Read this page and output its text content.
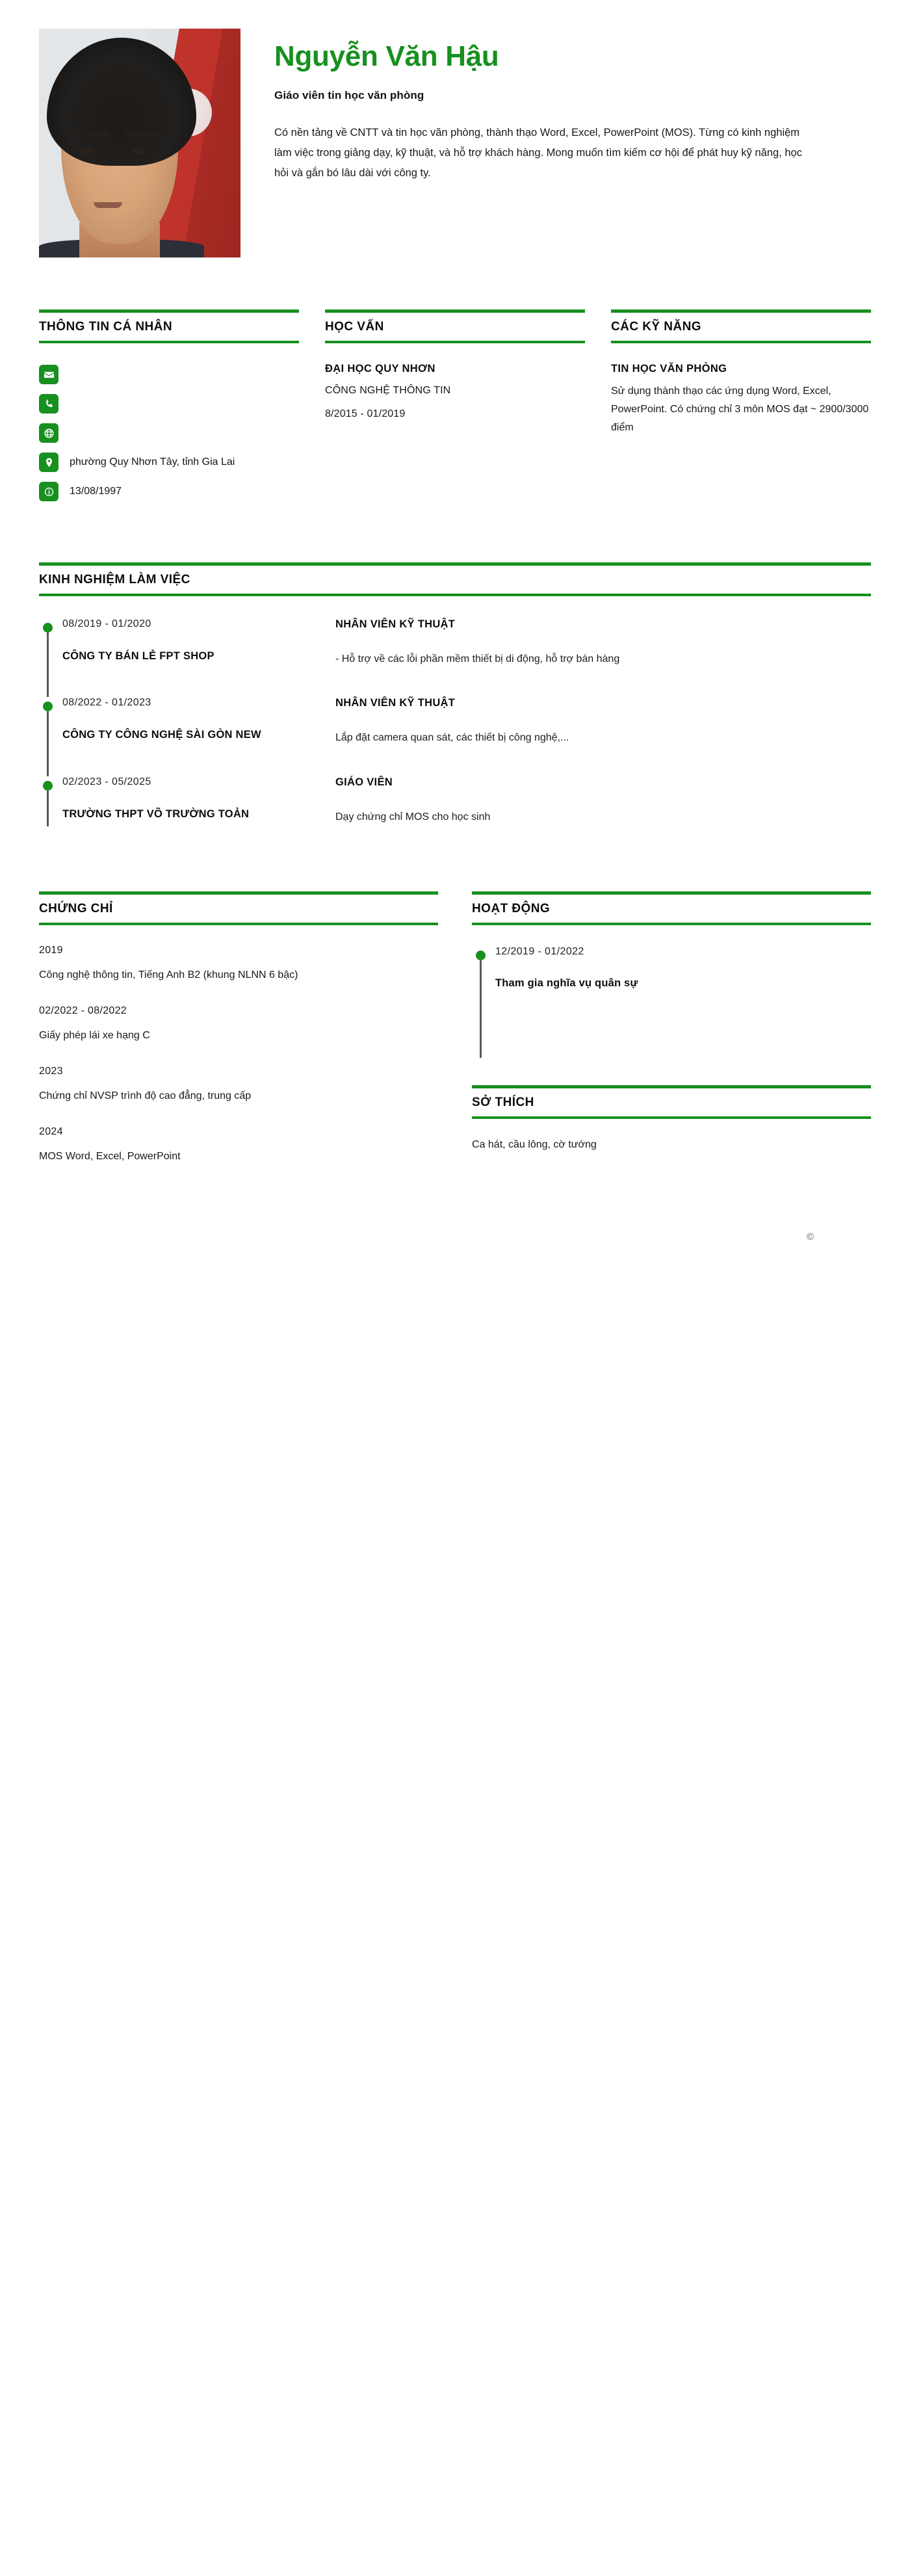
Nguyễn Văn Hậu
Giáo viên tin học văn phòng
Có nền tảng về CNTT và tin học văn phòng, thành thạo Word, Excel, PowerPoint (MOS). Từng có kinh nghiệm làm việc trong giảng dạy, kỹ thuật, và hỗ trợ khách hàng. Mong muốn tìm kiếm cơ hội để phát huy kỹ năng, học hỏi và gắn bó lâu dài với công ty.
THÔNG TIN CÁ NHÂN
phường Quy Nhơn Tây, tỉnh Gia Lai
13/08/1997
HỌC VẤN
ĐẠI HỌC QUY NHƠN
CÔNG NGHỆ THÔNG TIN
8/2015 - 01/2019
CÁC KỸ NĂNG
TIN HỌC VĂN PHÒNG
Sử dụng thành thạo các ứng dụng Word, Excel, PowerPoint. Có chứng chỉ 3 môn MOS đạt ~ 2900/3000 điểm
KINH NGHIỆM LÀM VIỆC
08/2019 - 01/2020
CÔNG TY BÁN LẺ FPT SHOP
NHÂN VIÊN KỸ THUẬT
- Hỗ trợ về các lỗi phần mềm thiết bị di động, hỗ trợ bán hàng
08/2022 - 01/2023
CÔNG TY CÔNG NGHỆ SÀI GÒN NEW
NHÂN VIÊN KỸ THUẬT
Lắp đặt camera quan sát, các thiết bị công nghệ,...
02/2023 - 05/2025
TRƯỜNG THPT VÕ TRƯỜNG TOẢN
GIÁO VIÊN
Dạy chứng chỉ MOS cho học sinh
CHỨNG CHỈ
2019
Công nghệ thông tin, Tiếng Anh B2 (khung NLNN 6 bậc)
02/2022 - 08/2022
Giấy phép lái xe hạng C
2023
Chứng chỉ NVSP trình độ cao đẳng, trung cấp
2024
MOS Word, Excel, PowerPoint
HOẠT ĐỘNG
12/2019 - 01/2022
Tham gia nghĩa vụ quân sự
SỞ THÍCH
Ca hát, cầu lông, cờ tướng
©
